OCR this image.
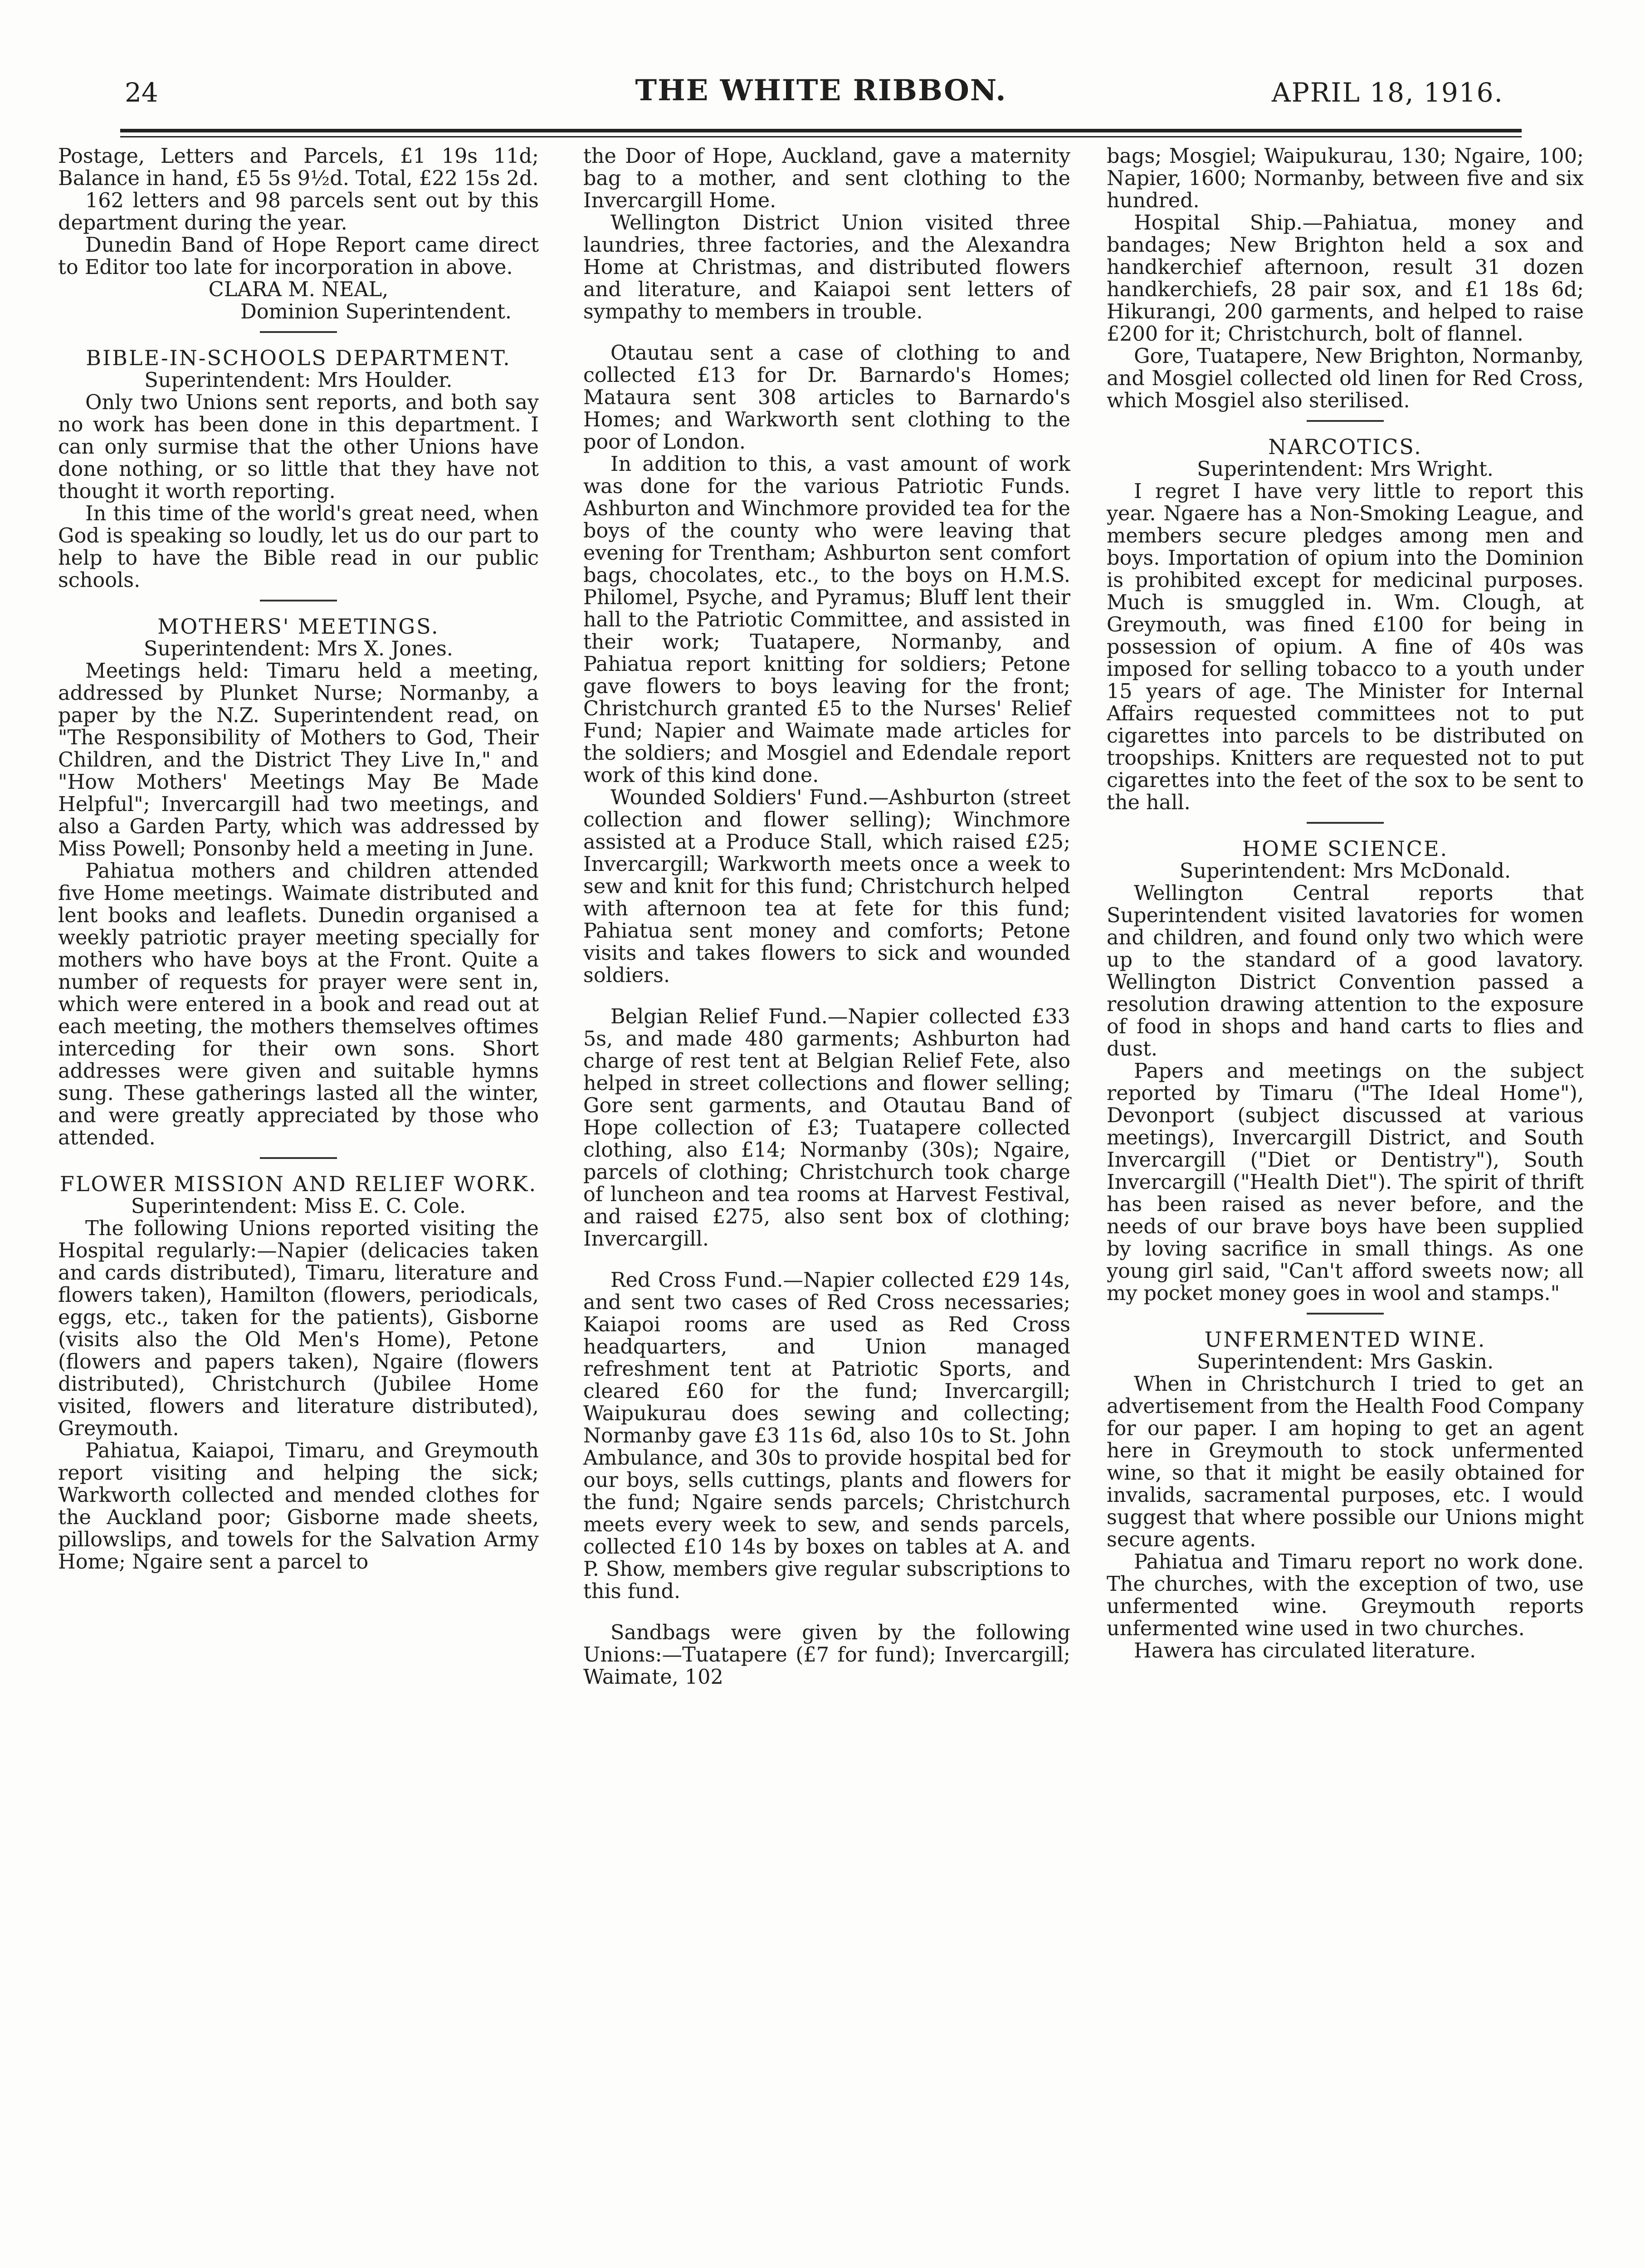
24	THE WHITE RIBBON.	APRIL 18, 1916.

Postage, Letters and Parcels, £1 19s 11d; Balance in hand, £5 5s 9½d. Total, £22 15s 2d.

162 letters and 98 parcels sent out by this department during the year.

Dunedin Band of Hope Report came direct to Editor too late for incorporation in above.

CLARA M. NEAL,

Dominion Superintendent.

BIBLE-IN-SCHOOLS DEPARTMENT.

Superintendent: Mrs Houlder.

Only two Unions sent reports, and both say no work has been done in this department. I can only surmise that the other Unions have done nothing, or so little that they have not thought it worth reporting.

In this time of the world's great need, when God is speaking so loudly, let us do our part to help to have the Bible read in our public schools.

MOTHERS' MEETINGS.

Superintendent: Mrs X. Jones.

Meetings held: Timaru held a meeting, addressed by Plunket Nurse; Normanby, a paper by the N.Z. Superintendent read, on "The Responsibility of Mothers to God, Their Children, and the District They Live In," and "How Mothers' Meetings May Be Made Helpful"; Invercargill had two meetings, and also a Garden Party, which was addressed by Miss Powell; Ponsonby held a meeting in June.

Pahiatua mothers and children attended five Home meetings. Waimate distributed and lent books and leaflets. Dunedin organised a weekly patriotic prayer meeting specially for mothers who have boys at the Front. Quite a number of requests for prayer were sent in, which were entered in a book and read out at each meeting, the mothers themselves oftimes interceding for their own sons. Short addresses were given and suitable hymns sung. These gatherings lasted all the winter, and were greatly appreciated by those who attended.

FLOWER MISSION AND RELIEF WORK.

Superintendent: Miss E. C. Cole.

The following Unions reported visiting the Hospital regularly:—Napier (delicacies taken and cards distributed), Timaru, literature and flowers taken), Hamilton (flowers, periodicals, eggs, etc., taken for the patients), Gisborne (visits also the Old Men's Home), Petone (flowers and papers taken), Ngaire (flowers distributed), Christchurch (Jubilee Home visited, flowers and literature distributed), Greymouth.

Pahiatua, Kaiapoi, Timaru, and Greymouth report visiting and helping the sick; Warkworth collected and mended clothes for the Auckland poor; Gisborne made sheets, pillowslips, and towels for the Salvation Army Home; Ngaire sent a parcel to

the Door of Hope, Auckland, gave a maternity bag to a mother, and sent clothing to the Invercargill Home.

Wellington District Union visited three laundries, three factories, and the Alexandra Home at Christmas, and distributed flowers and literature, and Kaiapoi sent letters of sympathy to members in trouble.

Otautau sent a case of clothing to and collected £13 for Dr. Barnardo's Homes; Mataura sent 308 articles to Barnardo's Homes; and Warkworth sent clothing to the poor of London.

In addition to this, a vast amount of work was done for the various Patriotic Funds. Ashburton and Winchmore provided tea for the boys of the county who were leaving that evening for Trentham; Ashburton sent comfort bags, chocolates, etc., to the boys on H.M.S. Philomel, Psyche, and Pyramus; Bluff lent their hall to the Patriotic Committee, and assisted in their work; Tuatapere, Normanby, and Pahiatua report knitting for soldiers; Petone gave flowers to boys leaving for the front; Christchurch granted £5 to the Nurses' Relief Fund; Napier and Waimate made articles for the soldiers; and Mosgiel and Edendale report work of this kind done.

Wounded Soldiers' Fund.—Ashburton (street collection and flower selling); Winchmore assisted at a Produce Stall, which raised £25; Invercargill; Warkworth meets once a week to sew and knit for this fund; Christchurch helped with afternoon tea at fete for this fund; Pahiatua sent money and comforts; Petone visits and takes flowers to sick and wounded soldiers.

Belgian Relief Fund.—Napier collected £33 5s, and made 480 garments; Ashburton had charge of rest tent at Belgian Relief Fete, also helped in street collections and flower selling; Gore sent garments, and Otautau Band of Hope collection of £3; Tuatapere collected clothing, also £14; Normanby (30s); Ngaire, parcels of clothing; Christchurch took charge of luncheon and tea rooms at Harvest Festival, and raised £275, also sent box of clothing; Invercargill.

Red Cross Fund.—Napier collected £29 14s, and sent two cases of Red Cross necessaries; Kaiapoi rooms are used as Red Cross headquarters, and Union managed refreshment tent at Patriotic Sports, and cleared £60 for the fund; Invercargill; Waipukurau does sewing and collecting; Normanby gave £3 11s 6d, also 10s to St. John Ambulance, and 30s to provide hospital bed for our boys, sells cuttings, plants and flowers for the fund; Ngaire sends parcels; Christchurch meets every week to sew, and sends parcels, collected £10 14s by boxes on tables at A. and P. Show, members give regular subscriptions to this fund.

Sandbags were given by the following Unions:—Tuatapere (£7 for fund); Invercargill; Waimate, 102

bags; Mosgiel; Waipukurau, 130; Ngaire, 100; Napier, 1600; Normanby, between five and six hundred.

Hospital Ship.—Pahiatua, money and bandages; New Brighton held a sox and handkerchief afternoon, result 31 dozen handkerchiefs, 28 pair sox, and £1 18s 6d; Hikurangi, 200 garments, and helped to raise £200 for it; Christchurch, bolt of flannel.

Gore, Tuatapere, New Brighton, Normanby, and Mosgiel collected old linen for Red Cross, which Mosgiel also sterilised.

NARCOTICS.

Superintendent: Mrs Wright.

I regret I have very little to report this year. Ngaere has a Non-Smoking League, and members secure pledges among men and boys. Importation of opium into the Dominion is prohibited except for medicinal purposes. Much is smuggled in. Wm. Clough, at Greymouth, was fined £100 for being in possession of opium. A fine of 40s was imposed for selling tobacco to a youth under 15 years of age. The Minister for Internal Affairs requested committees not to put cigarettes into parcels to be distributed on troopships. Knitters are requested not to put cigarettes into the feet of the sox to be sent to the hall.

HOME SCIENCE.

Superintendent: Mrs McDonald.

Wellington Central reports that Superintendent visited lavatories for women and children, and found only two which were up to the standard of a good lavatory. Wellington District Convention passed a resolution drawing attention to the exposure of food in shops and hand carts to flies and dust.

Papers and meetings on the subject reported by Timaru ("The Ideal Home"), Devonport (subject discussed at various meetings), Invercargill District, and South Invercargill ("Diet or Dentistry"), South Invercargill ("Health Diet"). The spirit of thrift has been raised as never before, and the needs of our brave boys have been supplied by loving sacrifice in small things. As one young girl said, "Can't afford sweets now; all my pocket money goes in wool and stamps."

UNFERMENTED WINE.

Superintendent: Mrs Gaskin.

When in Christchurch I tried to get an advertisement from the Health Food Company for our paper. I am hoping to get an agent here in Greymouth to stock unfermented wine, so that it might be easily obtained for invalids, sacramental purposes, etc. I would suggest that where possible our Unions might secure agents.

Pahiatua and Timaru report no work done. The churches, with the exception of two, use unfermented wine. Greymouth reports unfermented wine used in two churches.

Hawera has circulated literature.
